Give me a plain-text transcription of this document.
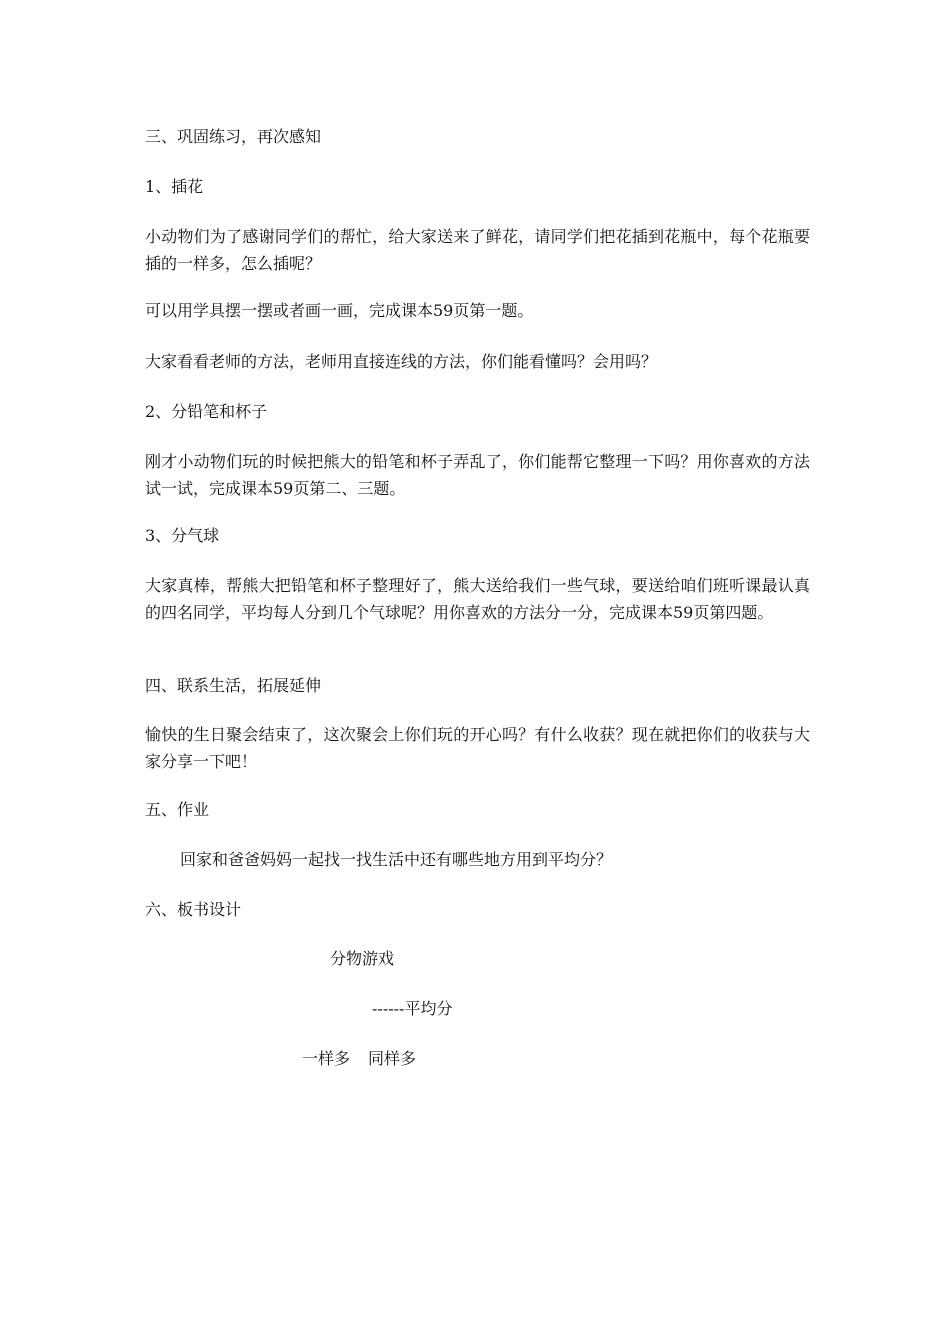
三、巩固练习，再次感知
1、插花
小动物们为了感谢同学们的帮忙，给大家送来了鲜花，请同学们把花插到花瓶中，每个花瓶要插的一样多，怎么插呢？
可以用学具摆一摆或者画一画，完成课本59页第一题。
大家看看老师的方法，老师用直接连线的方法，你们能看懂吗？会用吗？
2、分铅笔和杯子
刚才小动物们玩的时候把熊大的铅笔和杯子弄乱了，你们能帮它整理一下吗？用你喜欢的方法试一试，完成课本59页第二、三题。
3、分气球
大家真棒，帮熊大把铅笔和杯子整理好了，熊大送给我们一些气球，要送给咱们班听课最认真的四名同学，平均每人分到几个气球呢？用你喜欢的方法分一分，完成课本59页第四题。
四、联系生活，拓展延伸
愉快的生日聚会结束了，这次聚会上你们玩的开心吗？有什么收获？现在就把你们的收获与大家分享一下吧！
五、作业
回家和爸爸妈妈一起找一找生活中还有哪些地方用到平均分？
六、板书设计
分物游戏
------平均分
一样多 同样多
